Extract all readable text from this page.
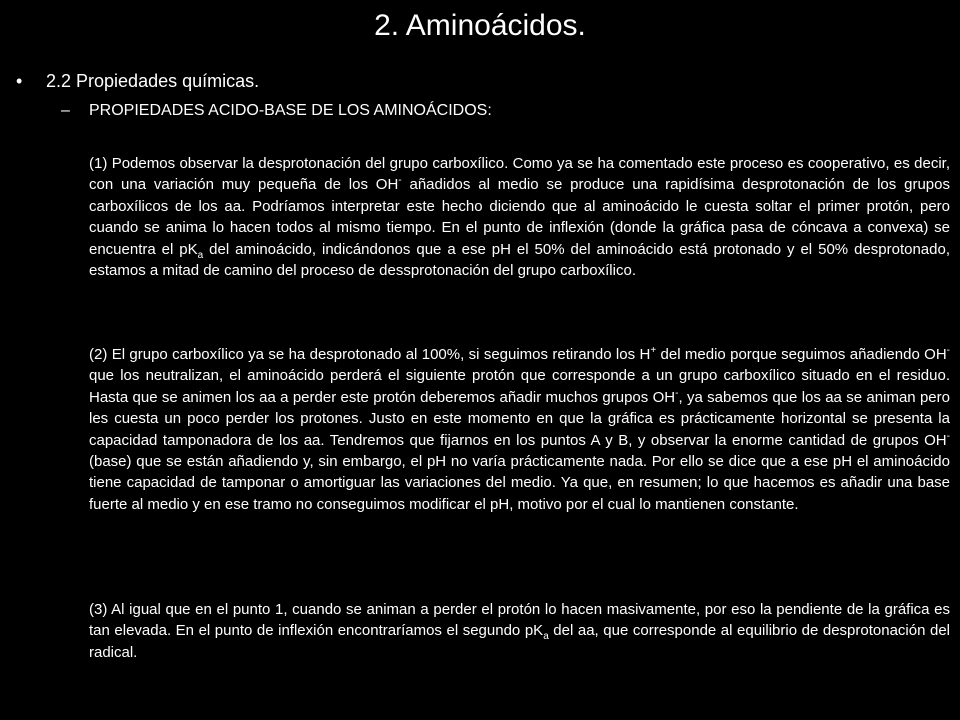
2. Aminoácidos.
• 2.2 Propiedades químicas.
– PROPIEDADES ACIDO-BASE DE LOS AMINOÁCIDOS:

(1) Podemos observar la desprotonación del grupo carboxílico. Como ya se ha comentado este proceso es cooperativo, es decir, con una variación muy pequeña de los OH- añadidos al medio se produce una rapidísima desprotonación de los grupos carboxílicos de los aa. Podríamos interpretar este hecho diciendo que al aminoácido le cuesta soltar el primer protón, pero cuando se anima lo hacen todos al mismo tiempo. En el punto de inflexión (donde la gráfica pasa de cóncava a convexa) se encuentra el $pK_a$ del aminoácido, indicándonos que a ese pH el 50% del aminoácido está protonado y el 50% desprotonado, estamos a mitad de camino del proceso de dessprotonación del grupo carboxílico.

(2) El grupo carboxílico ya se ha desprotonado al 100%, si seguimos retirando los H+ del medio porque seguimos añadiendo OH- que los neutralizan, el aminoácido perderá el siguiente protón que corresponde a un grupo carboxílico situado en el residuo. Hasta que se animen los aa a perder este protón deberemos añadir muchos grupos OH-, ya sabemos que los aa se animan pero les cuesta un poco perder los protones. Justo en este momento en que la gráfica es prácticamente horizontal se presenta la capacidad tamponadora de los aa. Tendremos que fijarnos en los puntos A y B, y observar la enorme cantidad de grupos OH- (base) que se están añadiendo y, sin embargo, el pH no varía prácticamente nada. Por ello se dice que a ese pH el aminoácido tiene capacidad de tamponar o amortiguar las variaciones del medio. Ya que, en resumen; lo que hacemos es añadir una base fuerte al medio y en ese tramo no conseguimos modificar el pH, motivo por el cual lo mantienen constante.

(3) Al igual que en el punto 1, cuando se animan a perder el protón lo hacen masivamente, por eso la pendiente de la gráfica es tan elevada. En el punto de inflexión encontraríamos el segundo $pK_a$ del aa, que corresponde al equilibrio de desprotonación del radical.
